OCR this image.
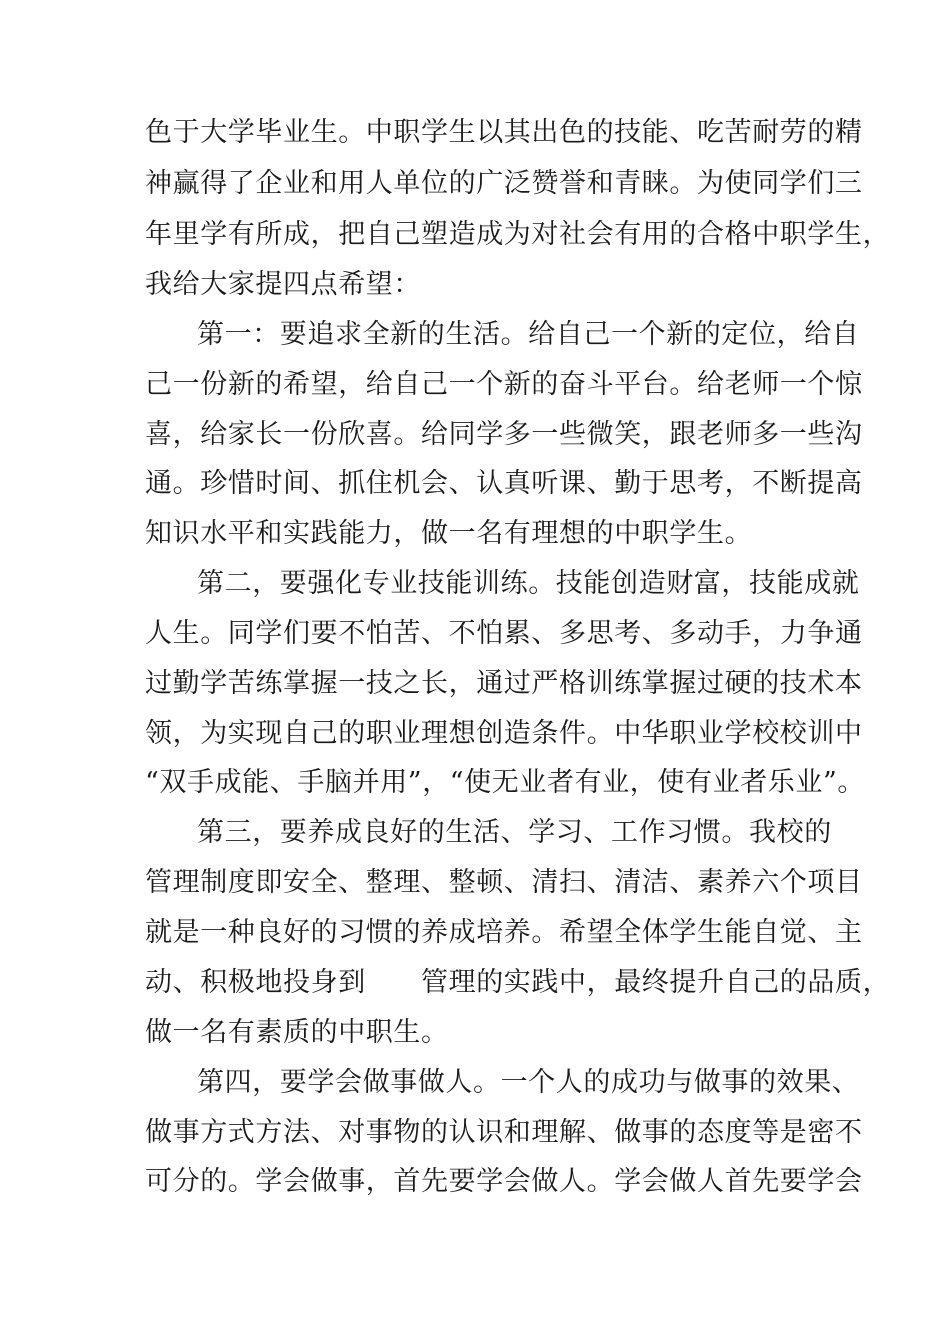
色于大学毕业生。中职学生以其出色的技能、吃苦耐劳的精

神赢得了企业和用人单位的广泛赞誉和青睐。为使同学们三

年里学有所成，把自己塑造成为对社会有用的合格中职学生，

我给大家提四点希望：

第一：要追求全新的生活。给自己一个新的定位，给自

己一份新的希望，给自己一个新的奋斗平台。给老师一个惊

喜，给家长一份欣喜。给同学多一些微笑，跟老师多一些沟

通。珍惜时间、抓住机会、认真听课、勤于思考，不断提高

知识水平和实践能力，做一名有理想的中职学生。

第二，要强化专业技能训练。技能创造财富，技能成就

人生。同学们要不怕苦、不怕累、多思考、多动手，力争通

过勤学苦练掌握一技之长，通过严格训练掌握过硬的技术本

领，为实现自己的职业理想创造条件。中华职业学校校训中

“双手成能、手脑并用”，“使无业者有业，使有业者乐业”。

第三，要养成良好的生活、学习、工作习惯。我校的

管理制度即安全、整理、整顿、清扫、清洁、素养六个项目

就是一种良好的习惯的养成培养。希望全体学生能自觉、主

动、积极地投身到　　管理的实践中，最终提升自己的品质，

做一名有素质的中职生。

第四，要学会做事做人。一个人的成功与做事的效果、

做事方式方法、对事物的认识和理解、做事的态度等是密不

可分的。学会做事，首先要学会做人。学会做人首先要学会
